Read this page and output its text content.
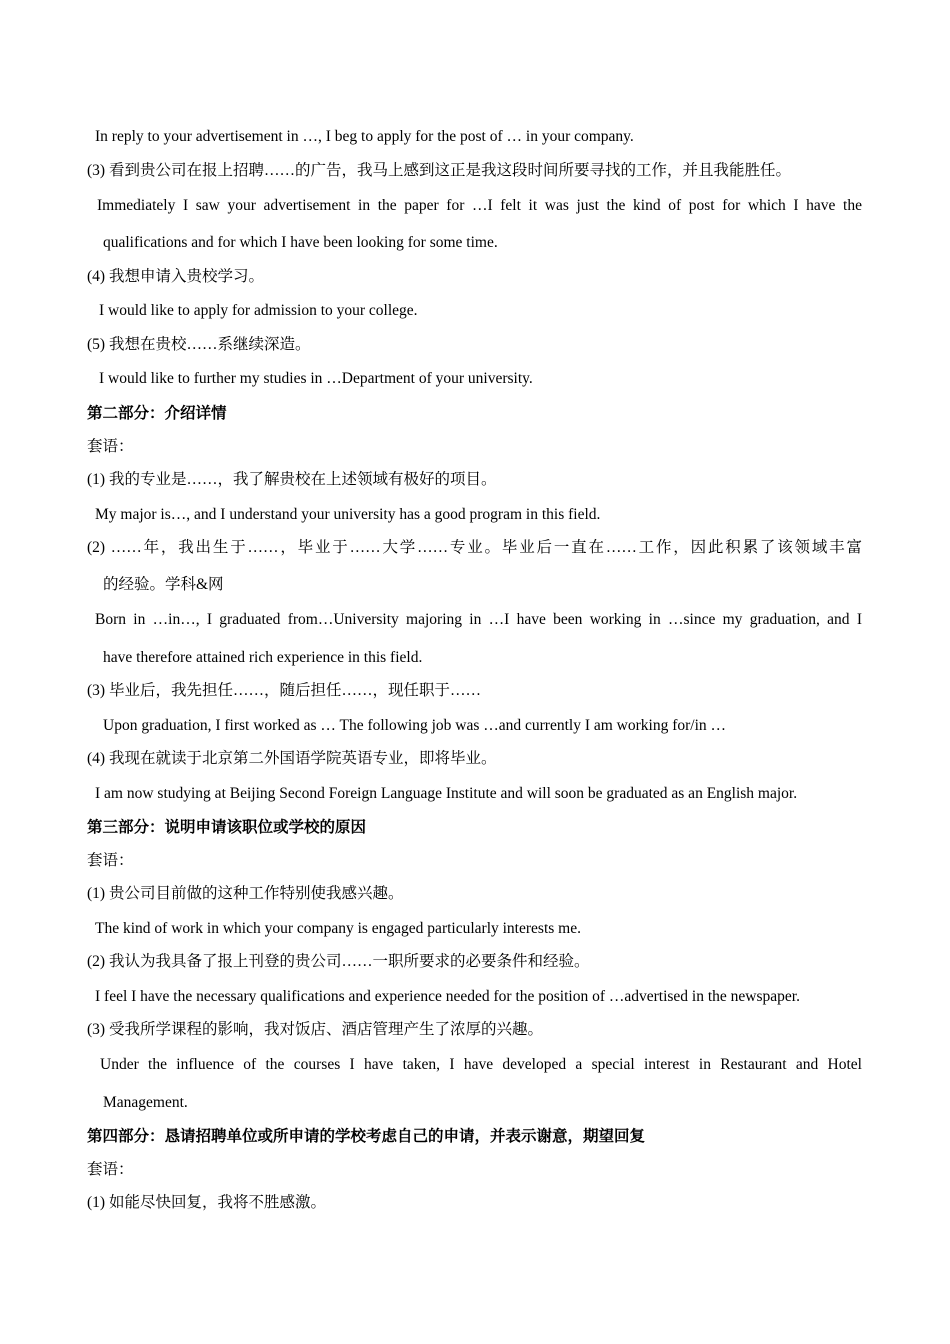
In reply to your advertisement in …, I beg to apply for the post of … in your company.
(3) 看到贵公司在报上招聘……的广告，我马上感到这正是我这段时间所要寻找的工作，并且我能胜任。
Immediately I saw your advertisement in the paper for …I felt it was just the kind of post for which I have the
qualifications and for which I have been looking for some time.
(4) 我想申请入贵校学习。
I would like to apply for admission to your college.
(5) 我想在贵校……系继续深造。
I would like to further my studies in …Department of your university.
第二部分：介绍详情
套语：
(1) 我的专业是……，我了解贵校在上述领域有极好的项目。
My major is…, and I understand your university has a good program in this field.
(2) ……年，我出生于……，毕业于……大学……专业。毕业后一直在……工作，因此积累了该领域丰富
的经验。学科&网
Born in …in…, I graduated from…University majoring in …I have been working in …since my graduation, and I
have therefore attained rich experience in this field.
(3) 毕业后，我先担任……，随后担任……，现任职于……
Upon graduation, I first worked as … The following job was …and currently I am working for/in …
(4) 我现在就读于北京第二外国语学院英语专业，即将毕业。
I am now studying at Beijing Second Foreign Language Institute and will soon be graduated as an English major.
第三部分：说明申请该职位或学校的原因
套语：
(1) 贵公司目前做的这种工作特别使我感兴趣。
The kind of work in which your company is engaged particularly interests me.
(2) 我认为我具备了报上刊登的贵公司……一职所要求的必要条件和经验。
I feel I have the necessary qualifications and experience needed for the position of …advertised in the newspaper.
(3) 受我所学课程的影响，我对饭店、酒店管理产生了浓厚的兴趣。
Under the influence of the courses I have taken, I have developed a special interest in Restaurant and Hotel
Management.
第四部分：恳请招聘单位或所申请的学校考虑自己的申请，并表示谢意，期望回复
套语：
(1) 如能尽快回复，我将不胜感激。
